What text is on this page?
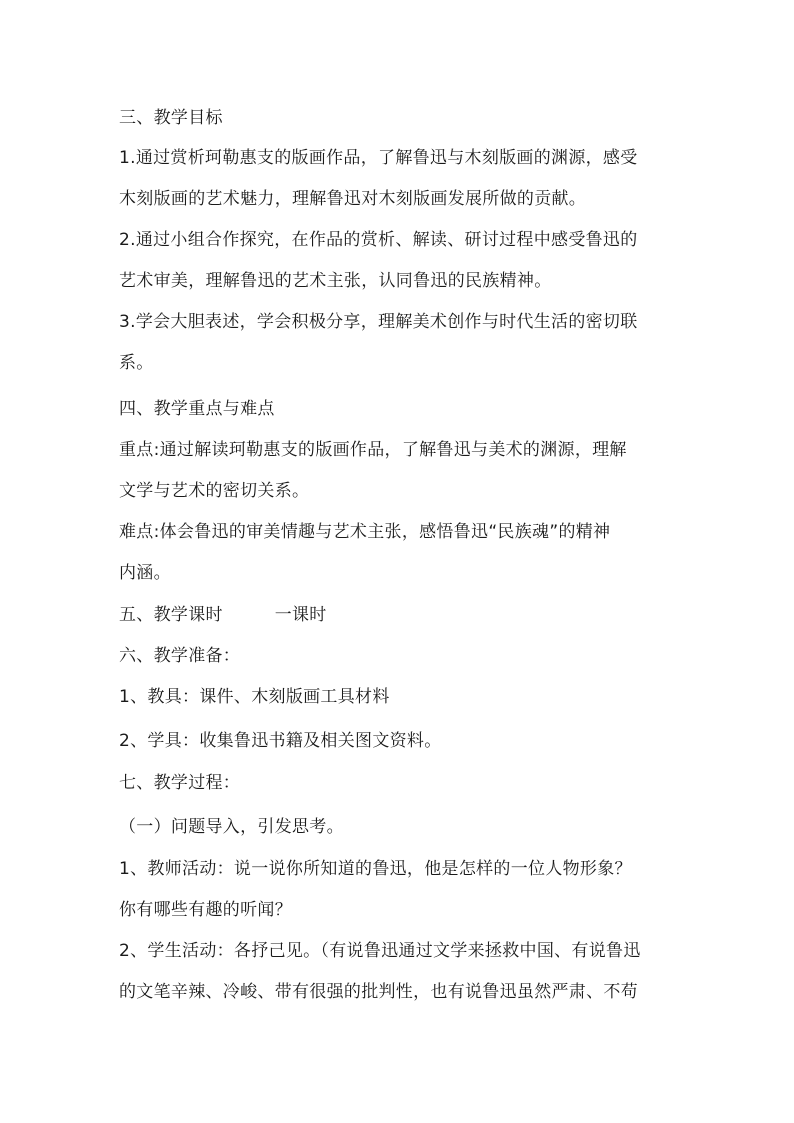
三、教学目标
1.通过赏析珂勒惠支的版画作品，了解鲁迅与木刻版画的渊源，感受
木刻版画的艺术魅力，理解鲁迅对木刻版画发展所做的贡献。
2.通过小组合作探究，在作品的赏析、解读、研讨过程中感受鲁迅的
艺术审美，理解鲁迅的艺术主张，认同鲁迅的民族精神。
3.学会大胆表述，学会积极分享，理解美术创作与时代生活的密切联
系。
四、教学重点与难点
重点:通过解读珂勒惠支的版画作品，了解鲁迅与美术的渊源，理解
文学与艺术的密切关系。
难点:体会鲁迅的审美情趣与艺术主张，感悟鲁迅“民族魂”的精神
内涵。
五、教学课时　　　一课时
六、教学准备：
1、教具：课件、木刻版画工具材料
2、学具：收集鲁迅书籍及相关图文资料。
七、教学过程：
（一）问题导入，引发思考。
1、教师活动：说一说你所知道的鲁迅，他是怎样的一位人物形象？
你有哪些有趣的听闻？
2、学生活动：各抒己见。（有说鲁迅通过文学来拯救中国、有说鲁迅
的文笔辛辣、冷峻、带有很强的批判性，也有说鲁迅虽然严肃、不苟
